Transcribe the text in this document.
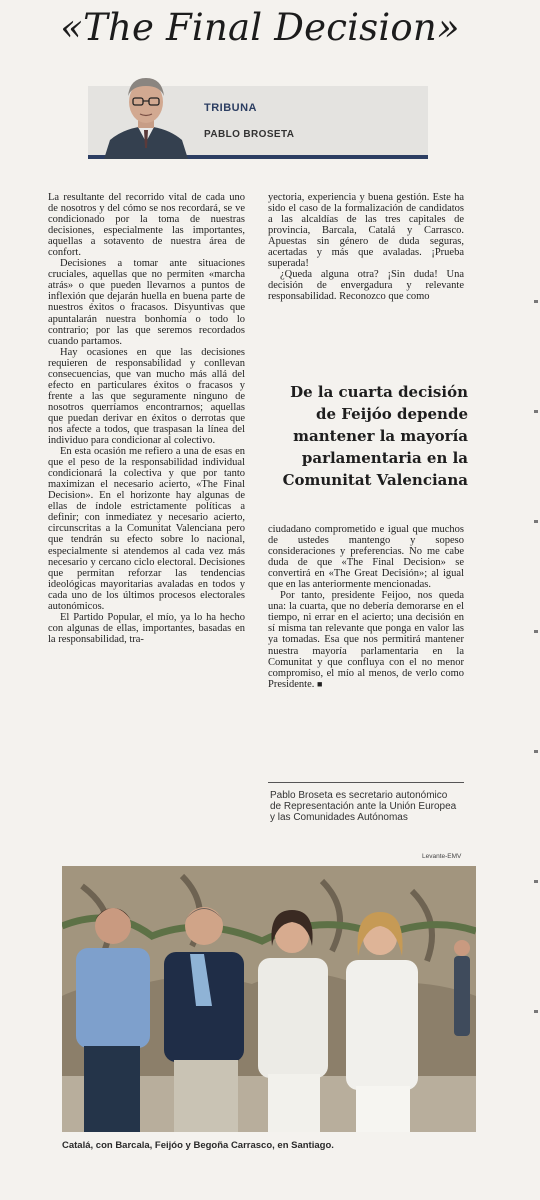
«The Final Decision»
TRIBUNA
PABLO BROSETA

La resultante del recorrido vital de cada uno de nosotros y del cómo se nos recordará, se ve condicionado por la toma de nuestras decisiones, especialmente las importantes, aquellas a sotavento de nuestra área de confort.

Decisiones a tomar ante situaciones cruciales, aquellas que no permiten «marcha atrás» o que pueden llevarnos a puntos de inflexión que dejarán huella en buena parte de nuestros éxitos o fracasos. Disyuntivas que apuntalarán nuestra bonhomía o todo lo contrario; por las que seremos recordados cuando partamos.

Hay ocasiones en que las decisiones requieren de responsabilidad y conllevan consecuencias, que van mucho más allá del efecto en particulares éxitos o fracasos y frente a las que seguramente ninguno de nosotros querríamos encontrarnos; aquellas que puedan derivar en éxitos o derrotas que nos afecte a todos, que traspasan la línea del individuo para condicionar al colectivo.

En esta ocasión me refiero a una de esas en que el peso de la responsabilidad individual condicionará la colectiva y que por tanto maximizan el necesario acierto, «The Final Decision». En el horizonte hay algunas de ellas de índole estrictamente políticas a definir; con inmediatez y necesario acierto, circunscritas a la Comunitat Valenciana pero que tendrán su efecto sobre lo nacional, especialmente si atendemos al cada vez más necesario y cercano ciclo electoral. Decisiones que permitan reforzar las tendencias ideológicas mayoritarias avaladas en todos y cada uno de los últimos procesos electorales autonómicos.

El Partido Popular, el mío, ya lo ha hecho con algunas de ellas, importantes, basadas en la responsabilidad, tra-

yectoria, experiencia y buena gestión. Este ha sido el caso de la formalización de candidatos a las alcaldías de las tres capitales de provincia, Barcala, Catalá y Carrasco. Apuestas sin género de duda seguras, acertadas y más que avaladas. ¡Prueba superada!

¿Queda alguna otra? ¡Sin duda! Una decisión de envergadura y relevante responsabilidad. Reconozco que como

De la cuarta decisión de Feijóo depende mantener la mayoría parlamentaria en la Comunitat Valenciana

ciudadano comprometido e igual que muchos de ustedes mantengo y sopeso consideraciones y preferencias. No me cabe duda de que «The Final Decision» se convertirá en «The Great Decisión»; al igual que en las anteriormente mencionadas.

Por tanto, presidente Feijoo, nos queda una: la cuarta, que no debería demorarse en el tiempo, ni errar en el acierto; una decisión en sí misma tan relevante que ponga en valor las ya tomadas. Esa que nos permitirá mantener nuestra mayoría parlamentaria en la Comunitat y que confluya con el no menor compromiso, el mío al menos, de verlo como Presidente. ■

Pablo Broseta es secretario autonómico de Representación ante la Unión Europea y las Comunidades Autónomas
Levante-EMV
Catalá, con Barcala, Feijóo y Begoña Carrasco, en Santiago.
